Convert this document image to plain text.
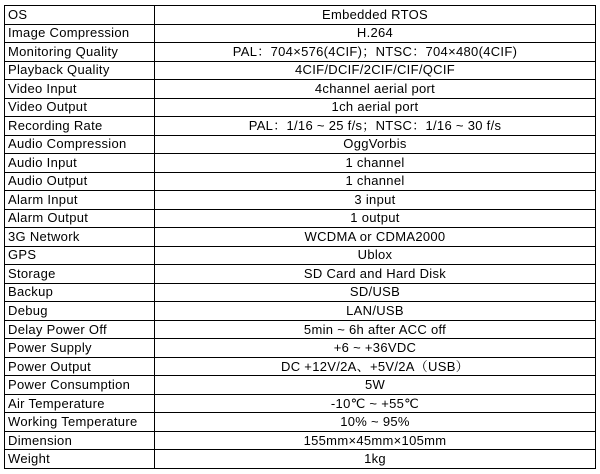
OS	Embedded RTOS
Image Compression	H.264
Monitoring Quality	PAL：704×576(4CIF)；NTSC：704×480(4CIF)
Playback Quality	4CIF/DCIF/2CIF/CIF/QCIF
Video Input	4channel aerial port
Video Output	1ch aerial port
Recording Rate	PAL：1/16 ~ 25 f/s；NTSC：1/16 ~ 30 f/s
Audio Compression	OggVorbis
Audio Input	1 channel
Audio Output	1 channel
Alarm Input	3 input
Alarm Output	1 output
3G Network	WCDMA or CDMA2000
GPS	Ublox
Storage	SD Card and Hard Disk
Backup	SD/USB
Debug	LAN/USB
Delay Power Off	5min ~ 6h after ACC off
Power Supply	+6 ~ +36VDC
Power Output	DC +12V/2A、+5V/2A（USB）
Power Consumption	5W
Air Temperature	-10℃ ~ +55℃
Working Temperature	10% ~ 95%
Dimension	155mm×45mm×105mm
Weight	1kg
